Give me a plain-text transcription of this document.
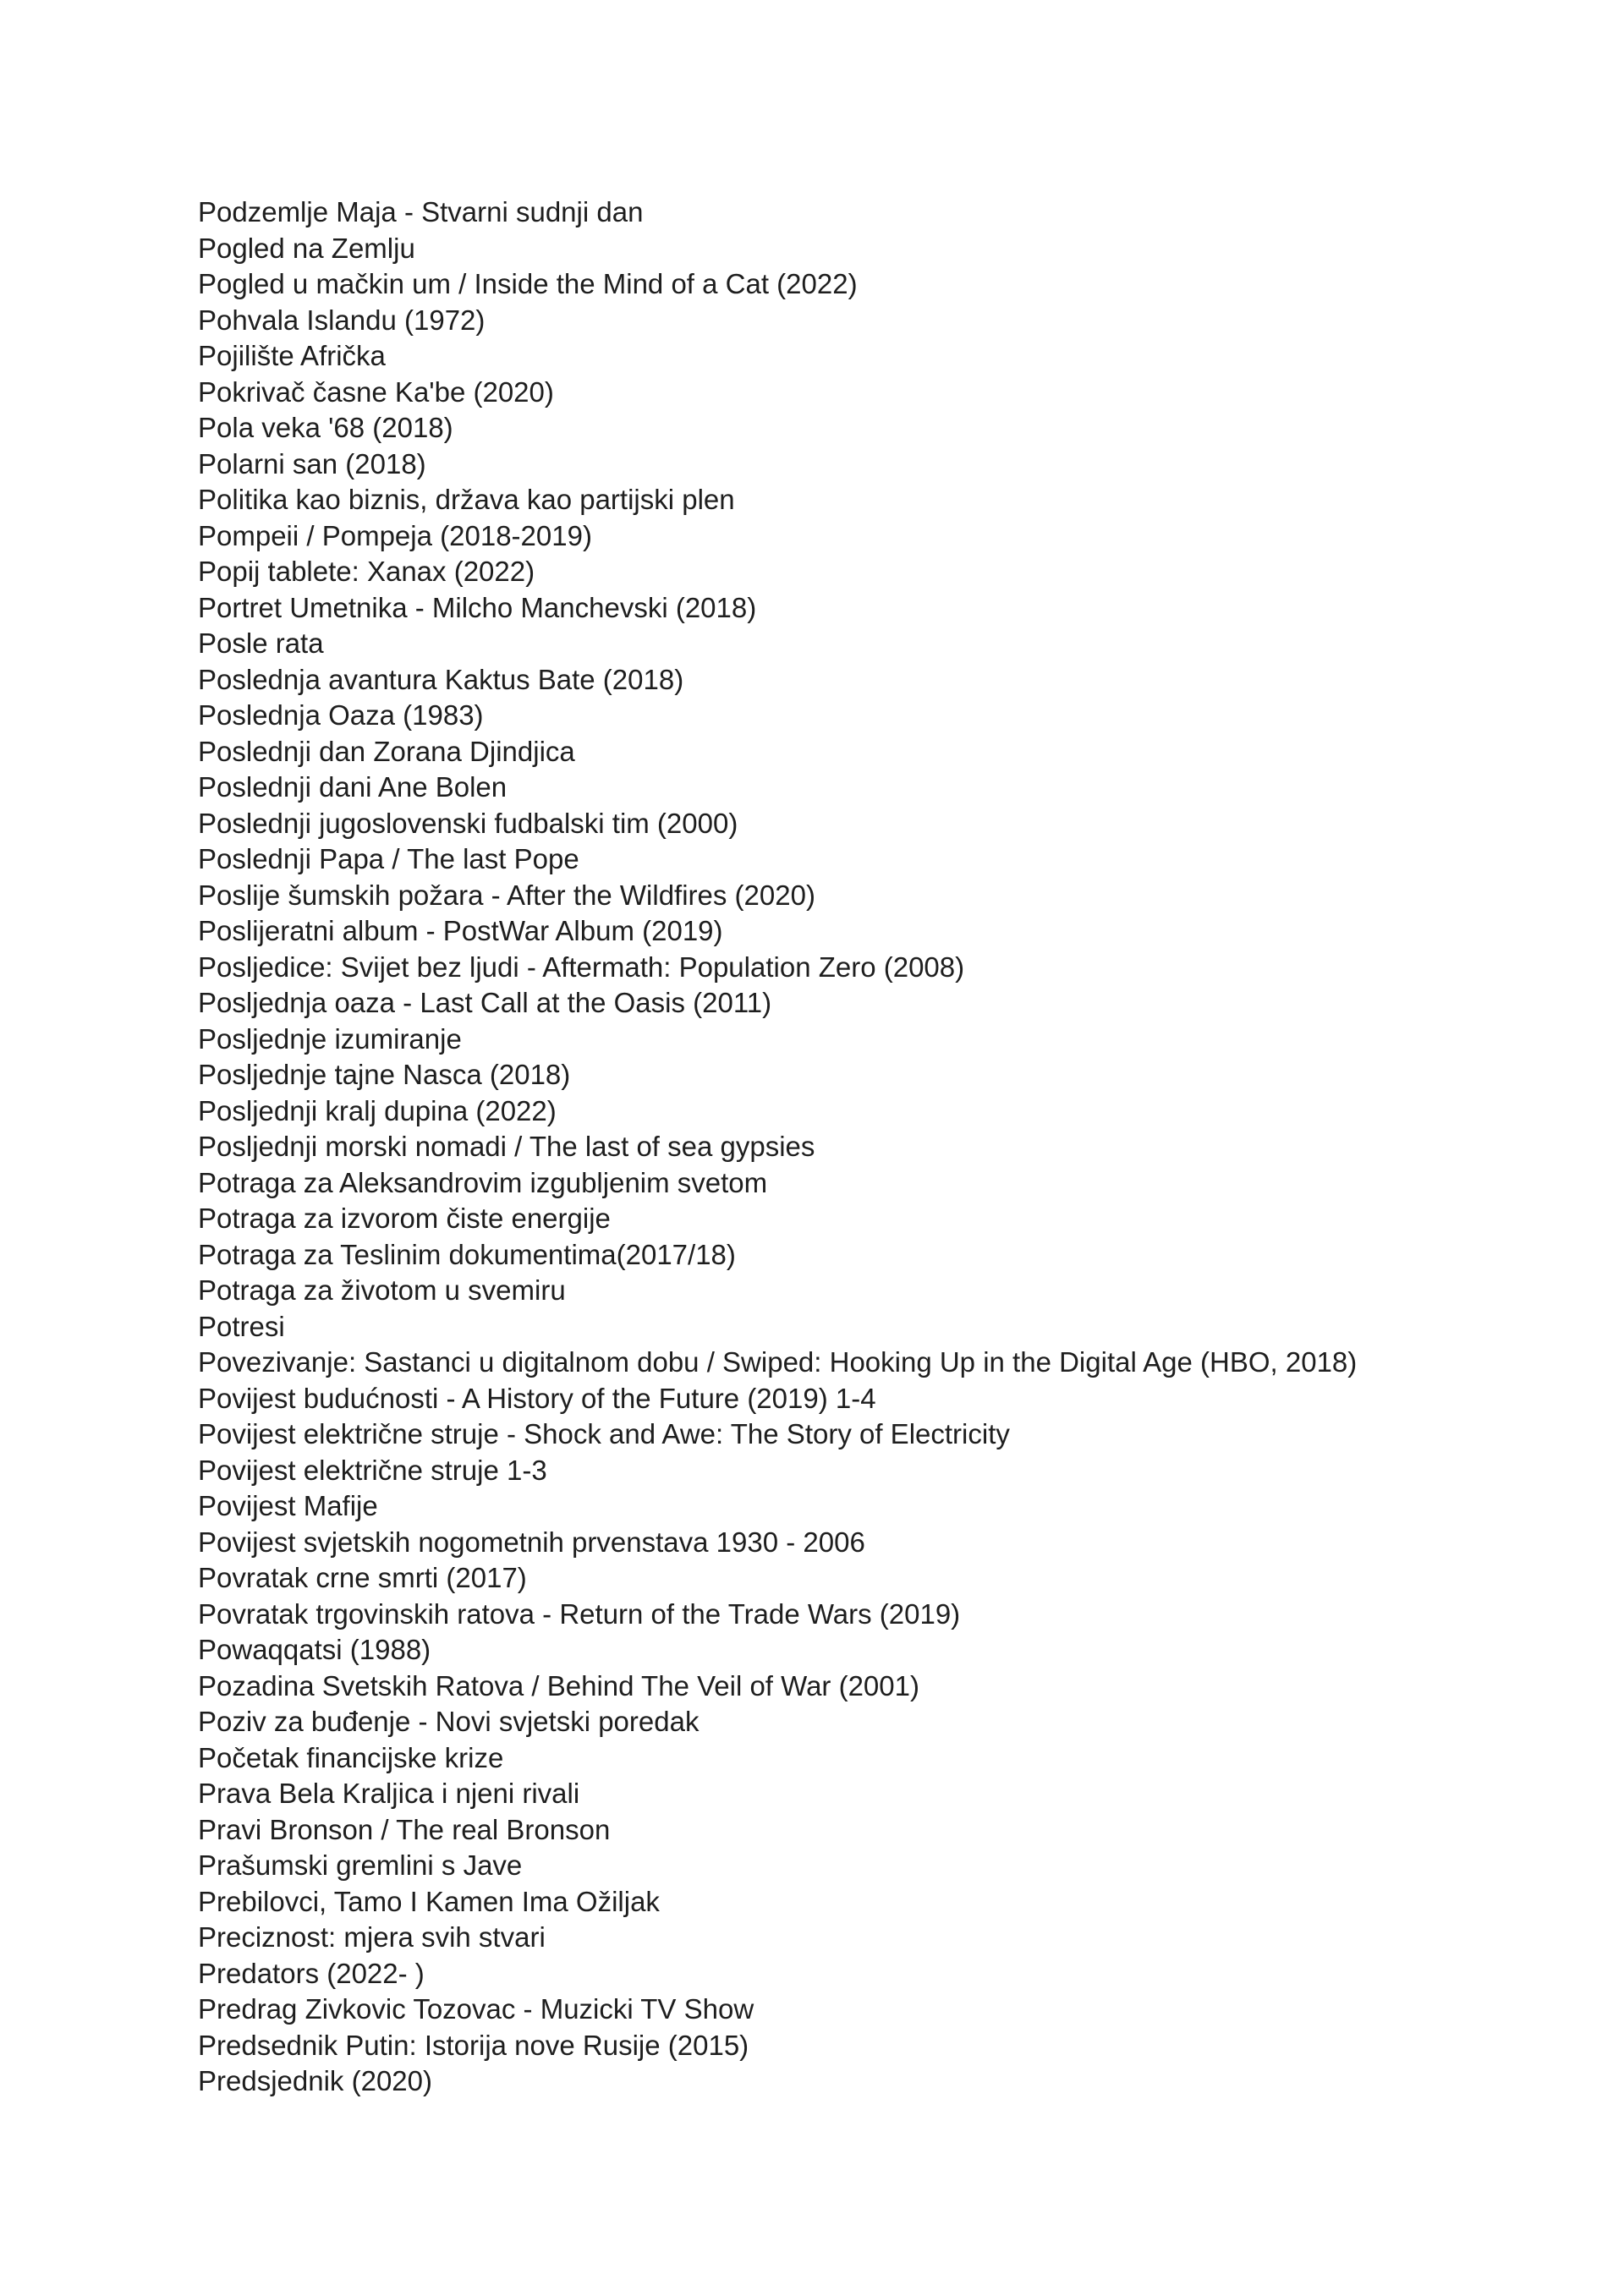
Podzemlje Maja - Stvarni sudnji dan
Pogled na Zemlju
Pogled u mačkin um / Inside the Mind of a Cat (2022)
Pohvala Islandu (1972)
Pojilište Afrička
Pokrivač časne Ka'be (2020)
Pola veka '68 (2018)
Polarni san (2018)
Politika kao biznis, država kao partijski plen
Pompeii / Pompeja (2018-2019)
Popij tablete: Xanax (2022)
Portret Umetnika - Milcho Manchevski (2018)
Posle rata
Poslednja avantura Kaktus Bate (2018)
Poslednja Oaza (1983)
Poslednji dan Zorana Djindjica
Poslednji dani Ane Bolen
Poslednji jugoslovenski fudbalski tim (2000)
Poslednji Papa / The last Pope
Poslije šumskih požara - After the Wildfires (2020)
Poslijeratni album - PostWar Album (2019)
Posljedice: Svijet bez ljudi - Aftermath: Population Zero (2008)
Posljednja oaza - Last Call at the Oasis (2011)
Posljednje izumiranje
Posljednje tajne Nasca (2018)
Posljednji kralj dupina (2022)
Posljednji morski nomadi / The last of sea gypsies
Potraga za Aleksandrovim izgubljenim svetom
Potraga za izvorom čiste energije
Potraga za Teslinim dokumentima(2017/18)
Potraga za životom u svemiru
Potresi
Povezivanje: Sastanci u digitalnom dobu / Swiped: Hooking Up in the Digital Age (HBO, 2018)
Povijest budućnosti - A History of the Future (2019) 1-4
Povijest električne struje - Shock and Awe: The Story of Electricity
Povijest električne struje 1-3
Povijest Mafije
Povijest svjetskih nogometnih prvenstava 1930 - 2006
Povratak crne smrti (2017)
Povratak trgovinskih ratova - Return of the Trade Wars (2019)
Powaqqatsi (1988)
Pozadina Svetskih Ratova / Behind The Veil of War (2001)
Poziv za buđenje - Novi svjetski poredak
Početak financijske krize
Prava Bela Kraljica i njeni rivali
Pravi Bronson / The real Bronson
Prašumski gremlini s Jave
Prebilovci, Tamo I Kamen Ima Ožiljak
Preciznost: mjera svih stvari
Predators (2022- )
Predrag Zivkovic Tozovac - Muzicki TV Show
Predsednik Putin: Istorija nove Rusije (2015)
Predsjednik (2020)
